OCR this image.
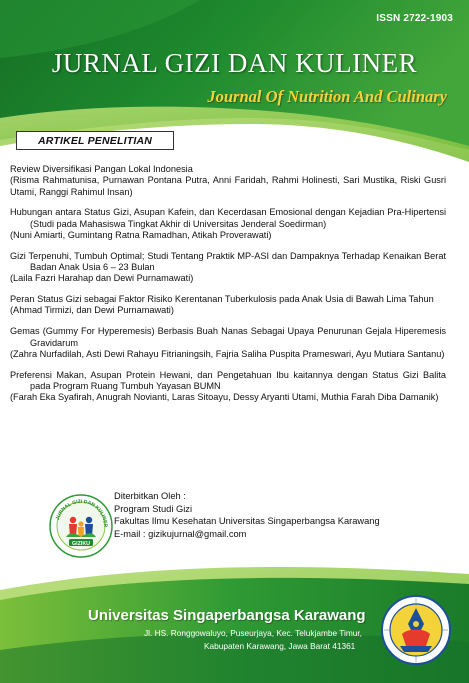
ISSN 2722-1903
JURNAL GIZI DAN KULINER
Journal Of Nutrition And Culinary
ARTIKEL PENELITIAN
Review Diversifikasi Pangan Lokal Indonesia
(Risma Rahmatunisa, Purnawan Pontana Putra, Anni Faridah, Rahmi Holinesti, Sari Mustika, Riski Gusri Utami, Ranggi Rahimul Insan)
Hubungan antara Status Gizi, Asupan Kafein, dan Kecerdasan Emosional dengan Kejadian Pra-Hipertensi (Studi pada Mahasiswa Tingkat Akhir di Universitas Jenderal Soedirman)
(Nuni Amiarti, Gumintang Ratna Ramadhan, Atikah Proverawati)
Gizi Terpenuhi, Tumbuh Optimal; Studi Tentang Praktik MP-ASI dan Dampaknya Terhadap Kenaikan Berat Badan Anak Usia 6 – 23 Bulan
(Laila Fazri Harahap dan Dewi Purnamawati)
Peran Status Gizi sebagai Faktor Risiko Kerentanan Tuberkulosis pada Anak Usia di Bawah Lima Tahun
(Ahmad Tirmizi, dan Dewi Purnamawati)
Gemas (Gummy For Hyperemesis) Berbasis Buah Nanas Sebagai Upaya Penurunan Gejala Hiperemesis Gravidarum
(Zahra Nurfadilah, Asti Dewi Rahayu Fitrianingsih, Fajria Saliha Puspita Prameswari, Ayu Mutiara Santanu)
Preferensi Makan, Asupan Protein Hewani, dan Pengetahuan Ibu kaitannya dengan Status Gizi Balita pada Program Ruang Tumbuh Yayasan BUMN
(Farah Eka Syafirah, Anugrah Novianti, Laras Sitoayu, Dessy Aryanti Utami, Muthia Farah Diba Damanik)
JURNAL GIZI DAN KULINER
GIZIKU
Diterbitkan Oleh :
Program Studi Gizi
Fakultas Ilmu Kesehatan Universitas Singaperbangsa Karawang
E-mail : gizikujurnal@gmail.com
Universitas Singaperbangsa Karawang
Jl. HS. Ronggowaluyo, Puseurjaya, Kec. Telukjambe Timur,
Kabupaten Karawang, Jawa Barat 41361
